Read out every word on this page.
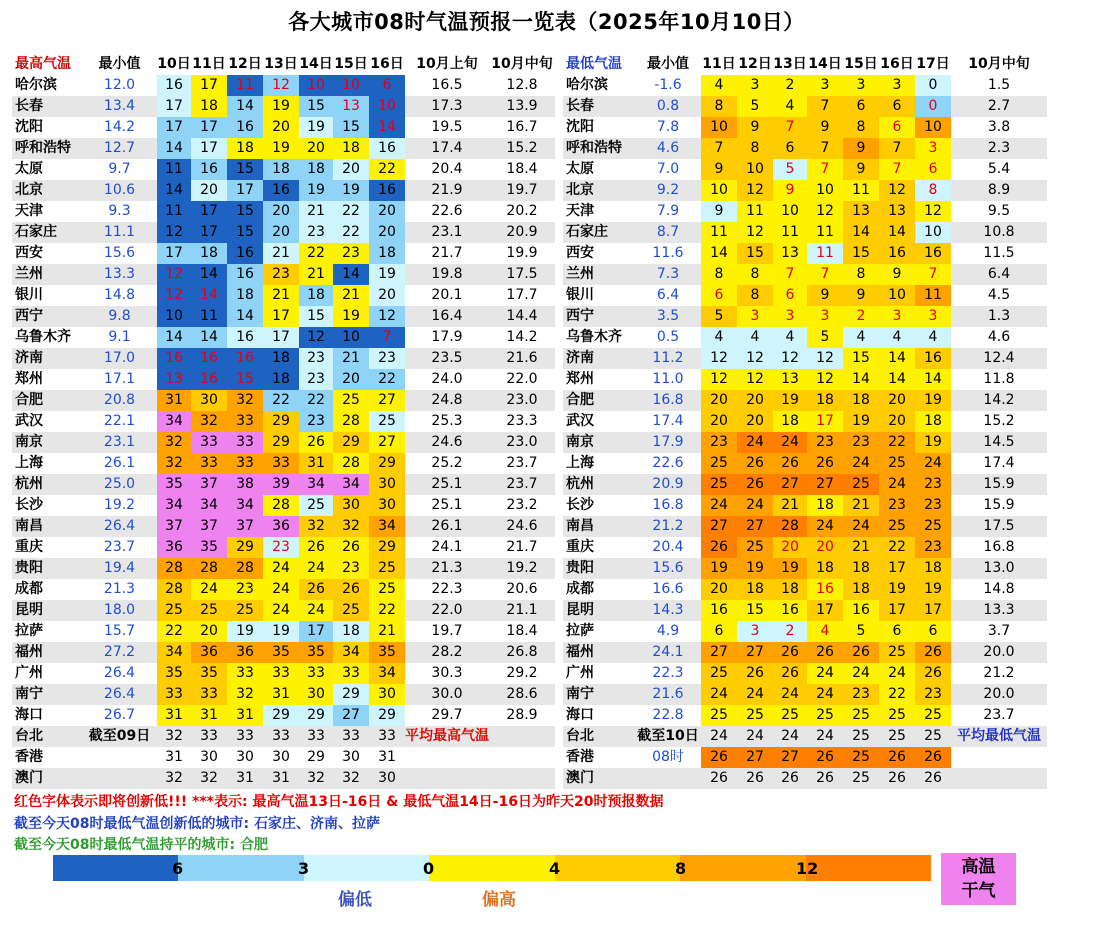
各大城市08时气温预报一览表（2025年10月10日）
最高气温	最小值	10日	11日	12日	13日	14日	15日	16日	10月上旬	10月中旬
哈尔滨	12.0	16	17	11	12	10	10	6	16.5	12.8
长春	13.4	17	18	14	19	15	13	10	17.3	13.9
沈阳	14.2	17	17	16	20	19	15	14	19.5	16.7
呼和浩特	12.7	14	17	18	19	20	18	16	17.4	15.2
太原	9.7	11	16	15	18	18	20	22	20.4	18.4
北京	10.6	14	20	17	16	19	19	16	21.9	19.7
天津	9.3	11	17	15	20	21	22	20	22.6	20.2
石家庄	11.1	12	17	15	20	23	22	20	23.1	20.9
西安	15.6	17	18	16	21	22	23	18	21.7	19.9
兰州	13.3	12	14	16	23	21	14	19	19.8	17.5
银川	14.8	12	14	18	21	18	21	20	20.1	17.7
西宁	9.8	10	11	14	17	15	19	12	16.4	14.4
乌鲁木齐	9.1	14	14	16	17	12	10	7	17.9	14.2
济南	17.0	16	16	16	18	23	21	23	23.5	21.6
郑州	17.1	13	16	15	18	23	20	22	24.0	22.0
合肥	20.8	31	30	32	22	22	25	27	24.8	23.0
武汉	22.1	34	32	33	29	23	28	25	25.3	23.3
南京	23.1	32	33	33	29	26	29	27	24.6	23.0
上海	26.1	32	33	33	33	31	28	29	25.2	23.7
杭州	25.0	35	37	38	39	34	34	30	25.1	23.7
长沙	19.2	34	34	34	28	25	30	30	25.1	23.2
南昌	26.4	37	37	37	36	32	32	34	26.1	24.6
重庆	23.7	36	35	29	23	26	26	29	24.1	21.7
贵阳	19.4	28	28	28	24	24	23	25	21.3	19.2
成都	21.3	28	24	23	24	26	26	25	22.3	20.6
昆明	18.0	25	25	25	24	24	25	22	22.0	21.1
拉萨	15.7	22	20	19	19	17	18	21	19.7	18.4
福州	27.2	34	36	36	35	35	34	35	28.2	26.8
广州	26.4	35	35	33	33	33	33	34	30.3	29.2
南宁	26.4	33	33	32	31	30	29	30	30.0	28.6
海口	26.7	31	31	31	29	29	27	29	29.7	28.9
台北	截至09日	32	33	33	33	33	33	33	平均最高气温	
香港		31	30	30	30	29	30	31		
澳门		32	32	31	31	32	32	30		
最低气温	最小值	11日	12日	13日	14日	15日	16日	17日	10月中旬
哈尔滨	-1.6	4	3	2	3	3	3	0	1.5
长春	0.8	8	5	4	7	6	6	0	2.7
沈阳	7.8	10	9	7	9	8	6	10	3.8
呼和浩特	4.6	7	8	6	7	9	7	3	2.3
太原	7.0	9	10	5	7	9	7	6	5.4
北京	9.2	10	12	9	10	11	12	8	8.9
天津	7.9	9	11	10	12	13	13	12	9.5
石家庄	8.7	11	12	11	11	14	14	10	10.8
西安	11.6	14	15	13	11	15	16	16	11.5
兰州	7.3	8	8	7	7	8	9	7	6.4
银川	6.4	6	8	6	9	9	10	11	4.5
西宁	3.5	5	3	3	3	2	3	3	1.3
乌鲁木齐	0.5	4	4	4	5	4	4	4	4.6
济南	11.2	12	12	12	12	15	14	16	12.4
郑州	11.0	12	12	13	12	14	14	14	11.8
合肥	16.8	20	20	19	18	18	20	19	14.2
武汉	17.4	20	20	18	17	19	20	18	15.2
南京	17.9	23	24	24	23	23	22	19	14.5
上海	22.6	25	26	26	26	24	25	24	17.4
杭州	20.9	25	26	27	27	25	24	23	15.9
长沙	16.8	24	24	21	18	21	23	23	15.9
南昌	21.2	27	27	28	24	24	25	25	17.5
重庆	20.4	26	25	20	20	21	22	23	16.8
贵阳	15.6	19	19	19	18	18	17	18	13.0
成都	16.6	20	18	18	16	18	19	19	14.8
昆明	14.3	16	15	16	17	16	17	17	13.3
拉萨	4.9	6	3	2	4	5	6	6	3.7
福州	24.1	27	27	26	26	26	25	26	20.0
广州	22.3	25	26	26	24	24	24	26	21.2
南宁	21.6	24	24	24	24	23	22	23	20.0
海口	22.8	25	25	25	25	25	25	25	23.7
台北	截至10日	24	24	24	24	25	25	25	平均最低气温
香港	08时	26	27	27	26	25	26	26	
澳门		26	26	26	26	25	26	26	
红色字体表示即将创新低!!! ***表示: 最高气温13日-16日 & 最低气温14日-16日为昨天20时预报数据
截至今天08时最低气温创新低的城市: 石家庄、济南、拉萨
截至今天08时最低气温持平的城市: 合肥
6	3	0	4	8	12	高温
干气
偏低	偏高
